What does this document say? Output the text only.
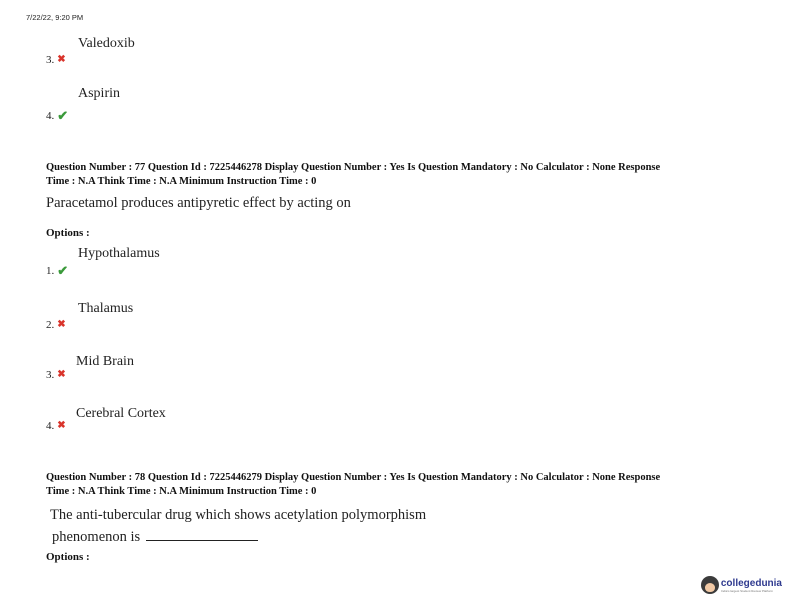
7/22/22, 9:20 PM
Valedoxib
3. ✖
Aspirin
4. ✔
Question Number : 77 Question Id : 7225446278 Display Question Number : Yes Is Question Mandatory : No Calculator : None Response
Time : N.A Think Time : N.A Minimum Instruction Time : 0
Paracetamol produces antipyretic effect by acting on
Options :
Hypothalamus
1. ✔
Thalamus
2. ✖
Mid Brain
3. ✖
Cerebral Cortex
4. ✖
Question Number : 78 Question Id : 7225446279 Display Question Number : Yes Is Question Mandatory : No Calculator : None Response
Time : N.A Think Time : N.A Minimum Instruction Time : 0
The anti-tubercular drug which shows acetylation polymorphism
phenomenon is
Options :
collegedunia
India's largest Student Review Platform
